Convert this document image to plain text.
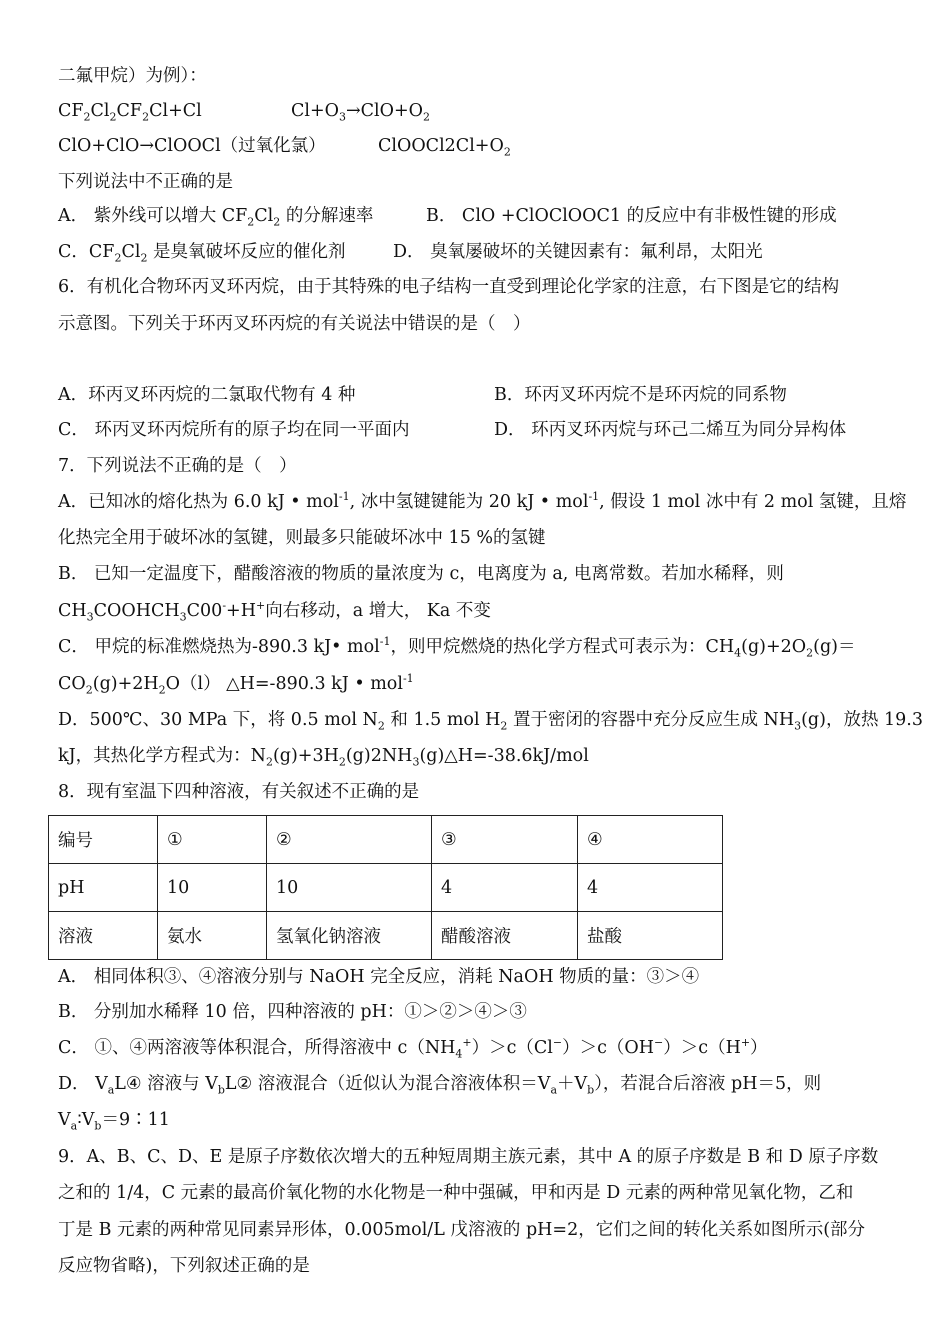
二氟甲烷）为例）：
$CF_2Cl_2CF_2Cl+Cl$	$Cl+O_3\to ClO+O_2$
ClO+ClO→ClOOCl（过氧化氯）	$ClOOCl2Cl+O_2$
下列说法中不正确的是
A． 紫外线可以增大 $CF_2Cl_2$ 的分解速率	B． ClO +ClOClOOC1 的反应中有非极性键的形成
C．$CF_2Cl_2$ 是臭氧破坏反应的催化剂	D． 臭氧屡破坏的关键因素有：氟利昂，太阳光
6．有机化合物环丙叉环丙烷，由于其特殊的电子结构一直受到理论化学家的注意，右下图是它的结构
示意图。下列关于环丙叉环丙烷的有关说法中错误的是（　）
A．环丙叉环丙烷的二氯取代物有 4 种	B．环丙叉环丙烷不是环丙烷的同系物
C． 环丙叉环丙烷所有的原子均在同一平面内	D． 环丙叉环丙烷与环己二烯互为同分异构体
7．下列说法不正确的是（　）
A．已知冰的熔化热为 6.0 kJ • mol$^{-1}$, 冰中氢键键能为 20 kJ • mol$^{-1}$, 假设 1 mol 冰中有 2 mol 氢键，且熔
化热完全用于破坏冰的氢键，则最多只能破坏冰中 15 %的氢键
B． 已知一定温度下，醋酸溶液的物质的量浓度为 c，电离度为 a, 电离常数。若加水稀释，则
$CH_3COOHCH_3C00^-+H^+$向右移动，a 增大， Ka 不变
C． 甲烷的标准燃烧热为-890.3 kJ• mol$^{-1}$，则甲烷燃烧的热化学方程式可表示为：$CH_4(g)+2O_2(g)=$
$CO_2(g)+2H_2O(l)$ △H=-890.3 kJ • mol$^{-1}$
D．500℃、30 MPa 下，将 0.5 mol $N_2$ 和 1.5 mol $H_2$ 置于密闭的容器中充分反应生成 $NH_3(g)$，放热 19.3
kJ，其热化学方程式为：$N_2(g)+3H_2(g)2NH_3(g)\triangle H=-38.6kJ$/mol
8．现有室温下四种溶液，有关叙述不正确的是
编号	①	②	③	④
pH	10	10	4	4
溶液	氨水	氢氧化钠溶液	醋酸溶液	盐酸
A． 相同体积③、④溶液分别与 NaOH 完全反应，消耗 NaOH 物质的量：③＞④
B． 分别加水稀释 10 倍，四种溶液的 pH：①＞②＞④＞③
C． ①、④两溶液等体积混合，所得溶液中 $c(NH_4^+)>c(Cl^-)>c(OH^-)>c(H^+)$
D． $V_aL④$ 溶液与 $V_bL②$ 溶液混合（近似认为混合溶液体积$=V_a+V_b$），若混合后溶液 pH＝5，则
$V_a∶V_b=9∶11$
9．A、B、C、D、E 是原子序数依次增大的五种短周期主族元素，其中 A 的原子序数是 B 和 D 原子序数
之和的 1/4，C 元素的最高价氧化物的水化物是一种中强碱，甲和丙是 D 元素的两种常见氧化物，乙和
丁是 B 元素的两种常见同素异形体，0.005mol/L 戊溶液的 pH=2，它们之间的转化关系如图所示(部分
反应物省略)，下列叙述正确的是
